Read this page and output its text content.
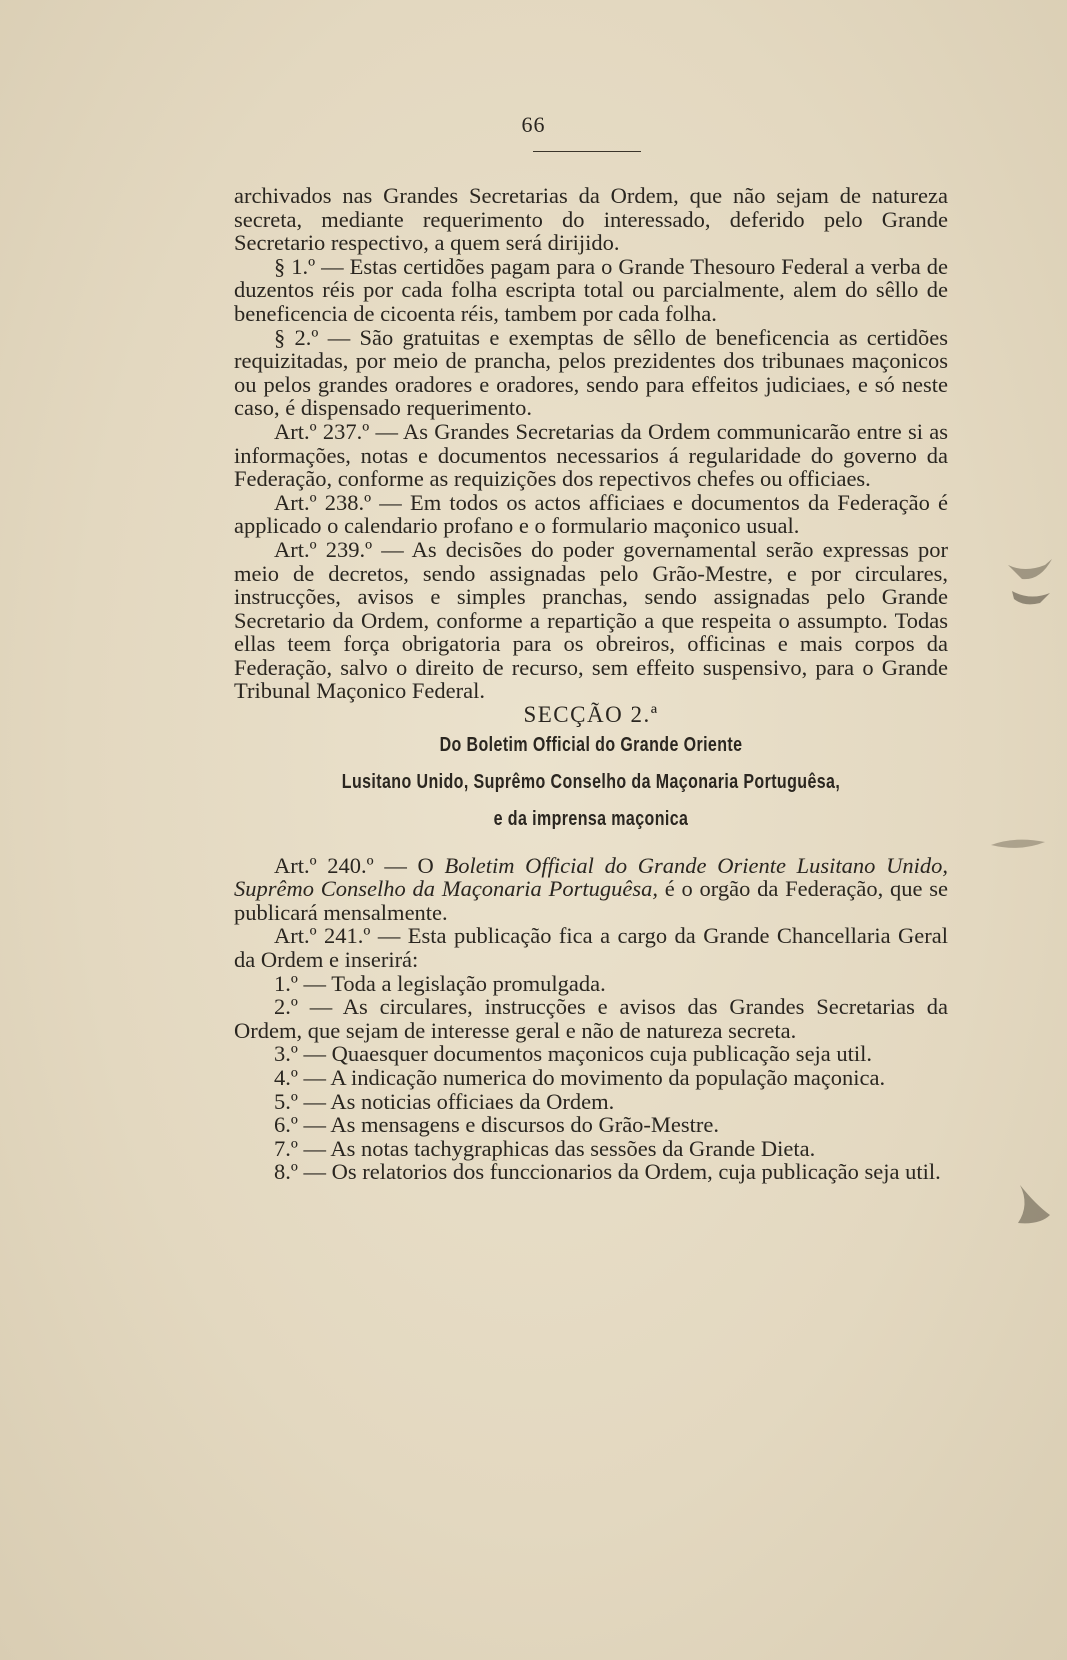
66

archivados nas Grandes Secretarias da Ordem, que não sejam de natureza secreta, mediante requerimento do interessado, deferido pelo Grande Secretario respectivo, a quem será dirijido.

§ 1.º — Estas certidões pagam para o Grande Thesouro Federal a verba de duzentos réis por cada folha escripta total ou parcialmente, alem do sêllo de beneficencia de cicoenta réis, tambem por cada folha.

§ 2.º — São gratuitas e exemptas de sêllo de beneficencia as certidões requizitadas, por meio de prancha, pelos prezidentes dos tribunaes maçonicos ou pelos grandes oradores e oradores, sendo para effeitos judiciaes, e só neste caso, é dispensado requerimento.

Art.º 237.º — As Grandes Secretarias da Ordem communicarão entre si as informações, notas e documentos necessarios á regularidade do governo da Federação, conforme as requizições dos repectivos chefes ou officiaes.

Art.º 238.º — Em todos os actos afficiaes e documentos da Federação é applicado o calendario profano e o formulario maçonico usual.

Art.º 239.º — As decisões do poder governamental serão expressas por meio de decretos, sendo assignadas pelo Grão-Mestre, e por circulares, instrucções, avisos e simples pranchas, sendo assignadas pelo Grande Secretario da Ordem, conforme a repartição a que respeita o assumpto. Todas ellas teem força obrigatoria para os obreiros, officinas e mais corpos da Federação, salvo o direito de recurso, sem effeito suspensivo, para o Grande Tribunal Maçonico Federal.

SECÇÃO 2.ª

Do Boletim Official do Grande Oriente

Lusitano Unido, Suprêmo Conselho da Maçonaria Portuguêsa,

e da imprensa maçonica

Art.º 240.º — O Boletim Official do Grande Oriente Lusitano Unido, Suprêmo Conselho da Maçonaria Portuguêsa, é o orgão da Federação, que se publicará mensalmente.

Art.º 241.º — Esta publicação fica a cargo da Grande Chancellaria Geral da Ordem e inserirá:

1.º — Toda a legislação promulgada.

2.º — As circulares, instrucções e avisos das Grandes Secretarias da Ordem, que sejam de interesse geral e não de natureza secreta.

3.º — Quaesquer documentos maçonicos cuja publicação seja util.

4.º — A indicação numerica do movimento da população maçonica.

5.º — As noticias officiaes da Ordem.

6.º — As mensagens e discursos do Grão-Mestre.

7.º — As notas tachygraphicas das sessões da Grande Dieta.

8.º — Os relatorios dos funccionarios da Ordem, cuja publicação seja util.
